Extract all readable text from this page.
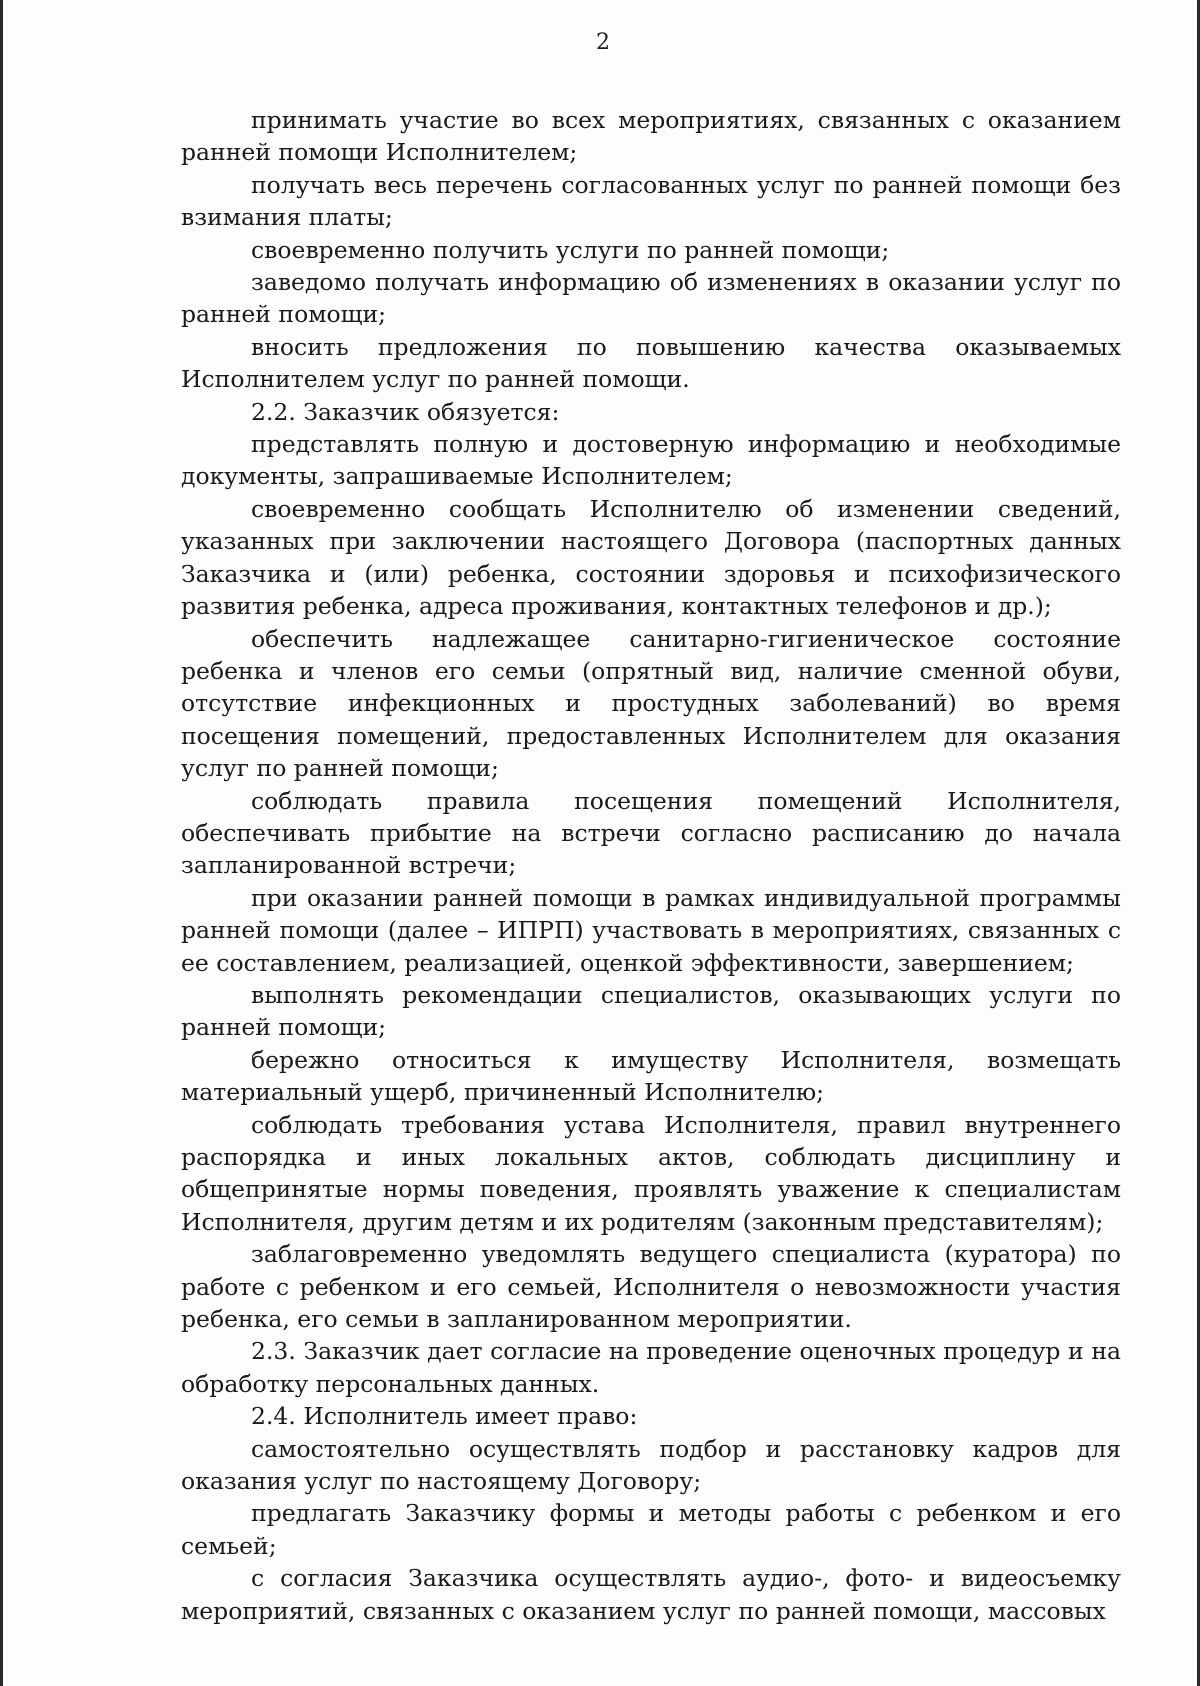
2

принимать участие во всех мероприятиях, связанных с оказанием ранней помощи Исполнителем;

получать весь перечень согласованных услуг по ранней помощи без взимания платы;

своевременно получить услуги по ранней помощи;

заведомо получать информацию об изменениях в оказании услуг по ранней помощи;

вносить предложения по повышению качества оказываемых Исполнителем услуг по ранней помощи.

2.2. Заказчик обязуется:

представлять полную и достоверную информацию и необходимые документы, запрашиваемые Исполнителем;

своевременно сообщать Исполнителю об изменении сведений, указанных при заключении настоящего Договора (паспортных данных Заказчика и (или) ребенка, состоянии здоровья и психофизического развития ребенка, адреса проживания, контактных телефонов и др.);

обеспечить надлежащее санитарно-гигиеническое состояние ребенка и членов его семьи (опрятный вид, наличие сменной обуви, отсутствие инфекционных и простудных заболеваний) во время посещения помещений, предоставленных Исполнителем для оказания услуг по ранней помощи;

соблюдать правила посещения помещений Исполнителя, обеспечивать прибытие на встречи согласно расписанию до начала запланированной встречи;

при оказании ранней помощи в рамках индивидуальной программы ранней помощи (далее – ИПРП) участвовать в мероприятиях, связанных с ее составлением, реализацией, оценкой эффективности, завершением;

выполнять рекомендации специалистов, оказывающих услуги по ранней помощи;

бережно относиться к имуществу Исполнителя, возмещать материальный ущерб, причиненный Исполнителю;

соблюдать требования устава Исполнителя, правил внутреннего распорядка и иных локальных актов, соблюдать дисциплину и общепринятые нормы поведения, проявлять уважение к специалистам Исполнителя, другим детям и их родителям (законным представителям);

заблаговременно уведомлять ведущего специалиста (куратора) по работе с ребенком и его семьей, Исполнителя о невозможности участия ребенка, его семьи в запланированном мероприятии.

2.3. Заказчик дает согласие на проведение оценочных процедур и на обработку персональных данных.

2.4. Исполнитель имеет право:

самостоятельно осуществлять подбор и расстановку кадров для оказания услуг по настоящему Договору;

предлагать Заказчику формы и методы работы с ребенком и его семьей;

с согласия Заказчика осуществлять аудио-, фото- и видеосъемку мероприятий, связанных с оказанием услуг по ранней помощи, массовых
